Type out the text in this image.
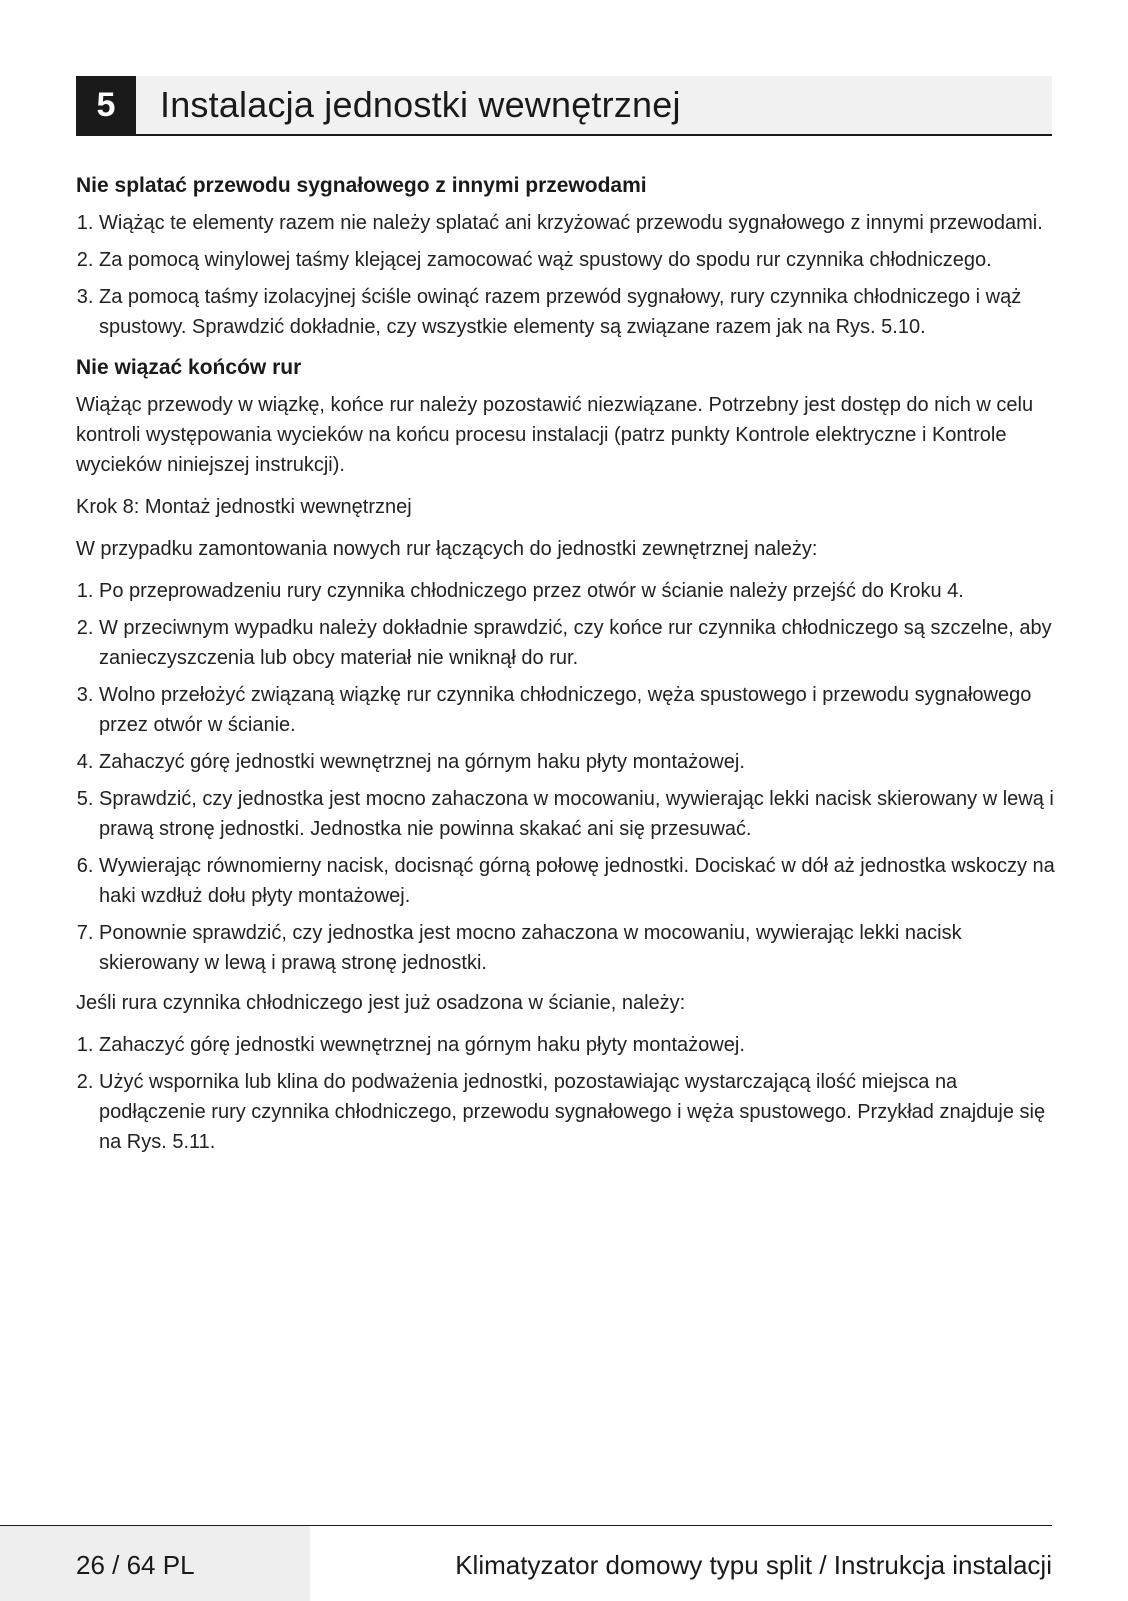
5	Instalacja jednostki wewnętrznej
Nie splatać przewodu sygnałowego z innymi przewodami
1. Wiążąc te elementy razem nie należy splatać ani krzyżować przewodu sygnałowego z innymi przewodami.
2. Za pomocą winylowej taśmy klejącej zamocować wąż spustowy do spodu rur czynnika chłodniczego.
3. Za pomocą taśmy izolacyjnej ściśle owinąć razem przewód sygnałowy, rury czynnika chłodniczego i wąż spustowy. Sprawdzić dokładnie, czy wszystkie elementy są związane razem jak na Rys. 5.10.
Nie wiązać końców rur

Wiążąc przewody w wiązkę, końce rur należy pozostawić niezwiązane. Potrzebny jest dostęp do nich w celu kontroli występowania wycieków na końcu procesu instalacji (patrz punkty Kontrole elektryczne i Kontrole wycieków niniejszej instrukcji).

Krok 8: Montaż jednostki wewnętrznej

W przypadku zamontowania nowych rur łączących do jednostki zewnętrznej należy:

1. Po przeprowadzeniu rury czynnika chłodniczego przez otwór w ścianie należy przejść do Kroku 4.
2. W przeciwnym wypadku należy dokładnie sprawdzić, czy końce rur czynnika chłodniczego są szczelne, aby zanieczyszczenia lub obcy materiał nie wniknął do rur.
3. Wolno przełożyć związaną wiązkę rur czynnika chłodniczego, węża spustowego i przewodu sygnałowego przez otwór w ścianie.
4. Zahaczyć górę jednostki wewnętrznej na górnym haku płyty montażowej.
5. Sprawdzić, czy jednostka jest mocno zahaczona w mocowaniu, wywierając lekki nacisk skierowany w lewą i prawą stronę jednostki. Jednostka nie powinna skakać ani się przesuwać.
6. Wywierając równomierny nacisk, docisnąć górną połowę jednostki. Dociskać w dół aż jednostka wskoczy na haki wzdłuż dołu płyty montażowej.
7. Ponownie sprawdzić, czy jednostka jest mocno zahaczona w mocowaniu, wywierając lekki nacisk skierowany w lewą i prawą stronę jednostki.

Jeśli rura czynnika chłodniczego jest już osadzona w ścianie, należy:

1. Zahaczyć górę jednostki wewnętrznej na górnym haku płyty montażowej.
2. Użyć wspornika lub klina do podważenia jednostki, pozostawiając wystarczającą ilość miejsca na podłączenie rury czynnika chłodniczego, przewodu sygnałowego i węża spustowego. Przykład znajduje się na Rys. 5.11.
26 / 64 PL	Klimatyzator domowy typu split / Instrukcja instalacji
